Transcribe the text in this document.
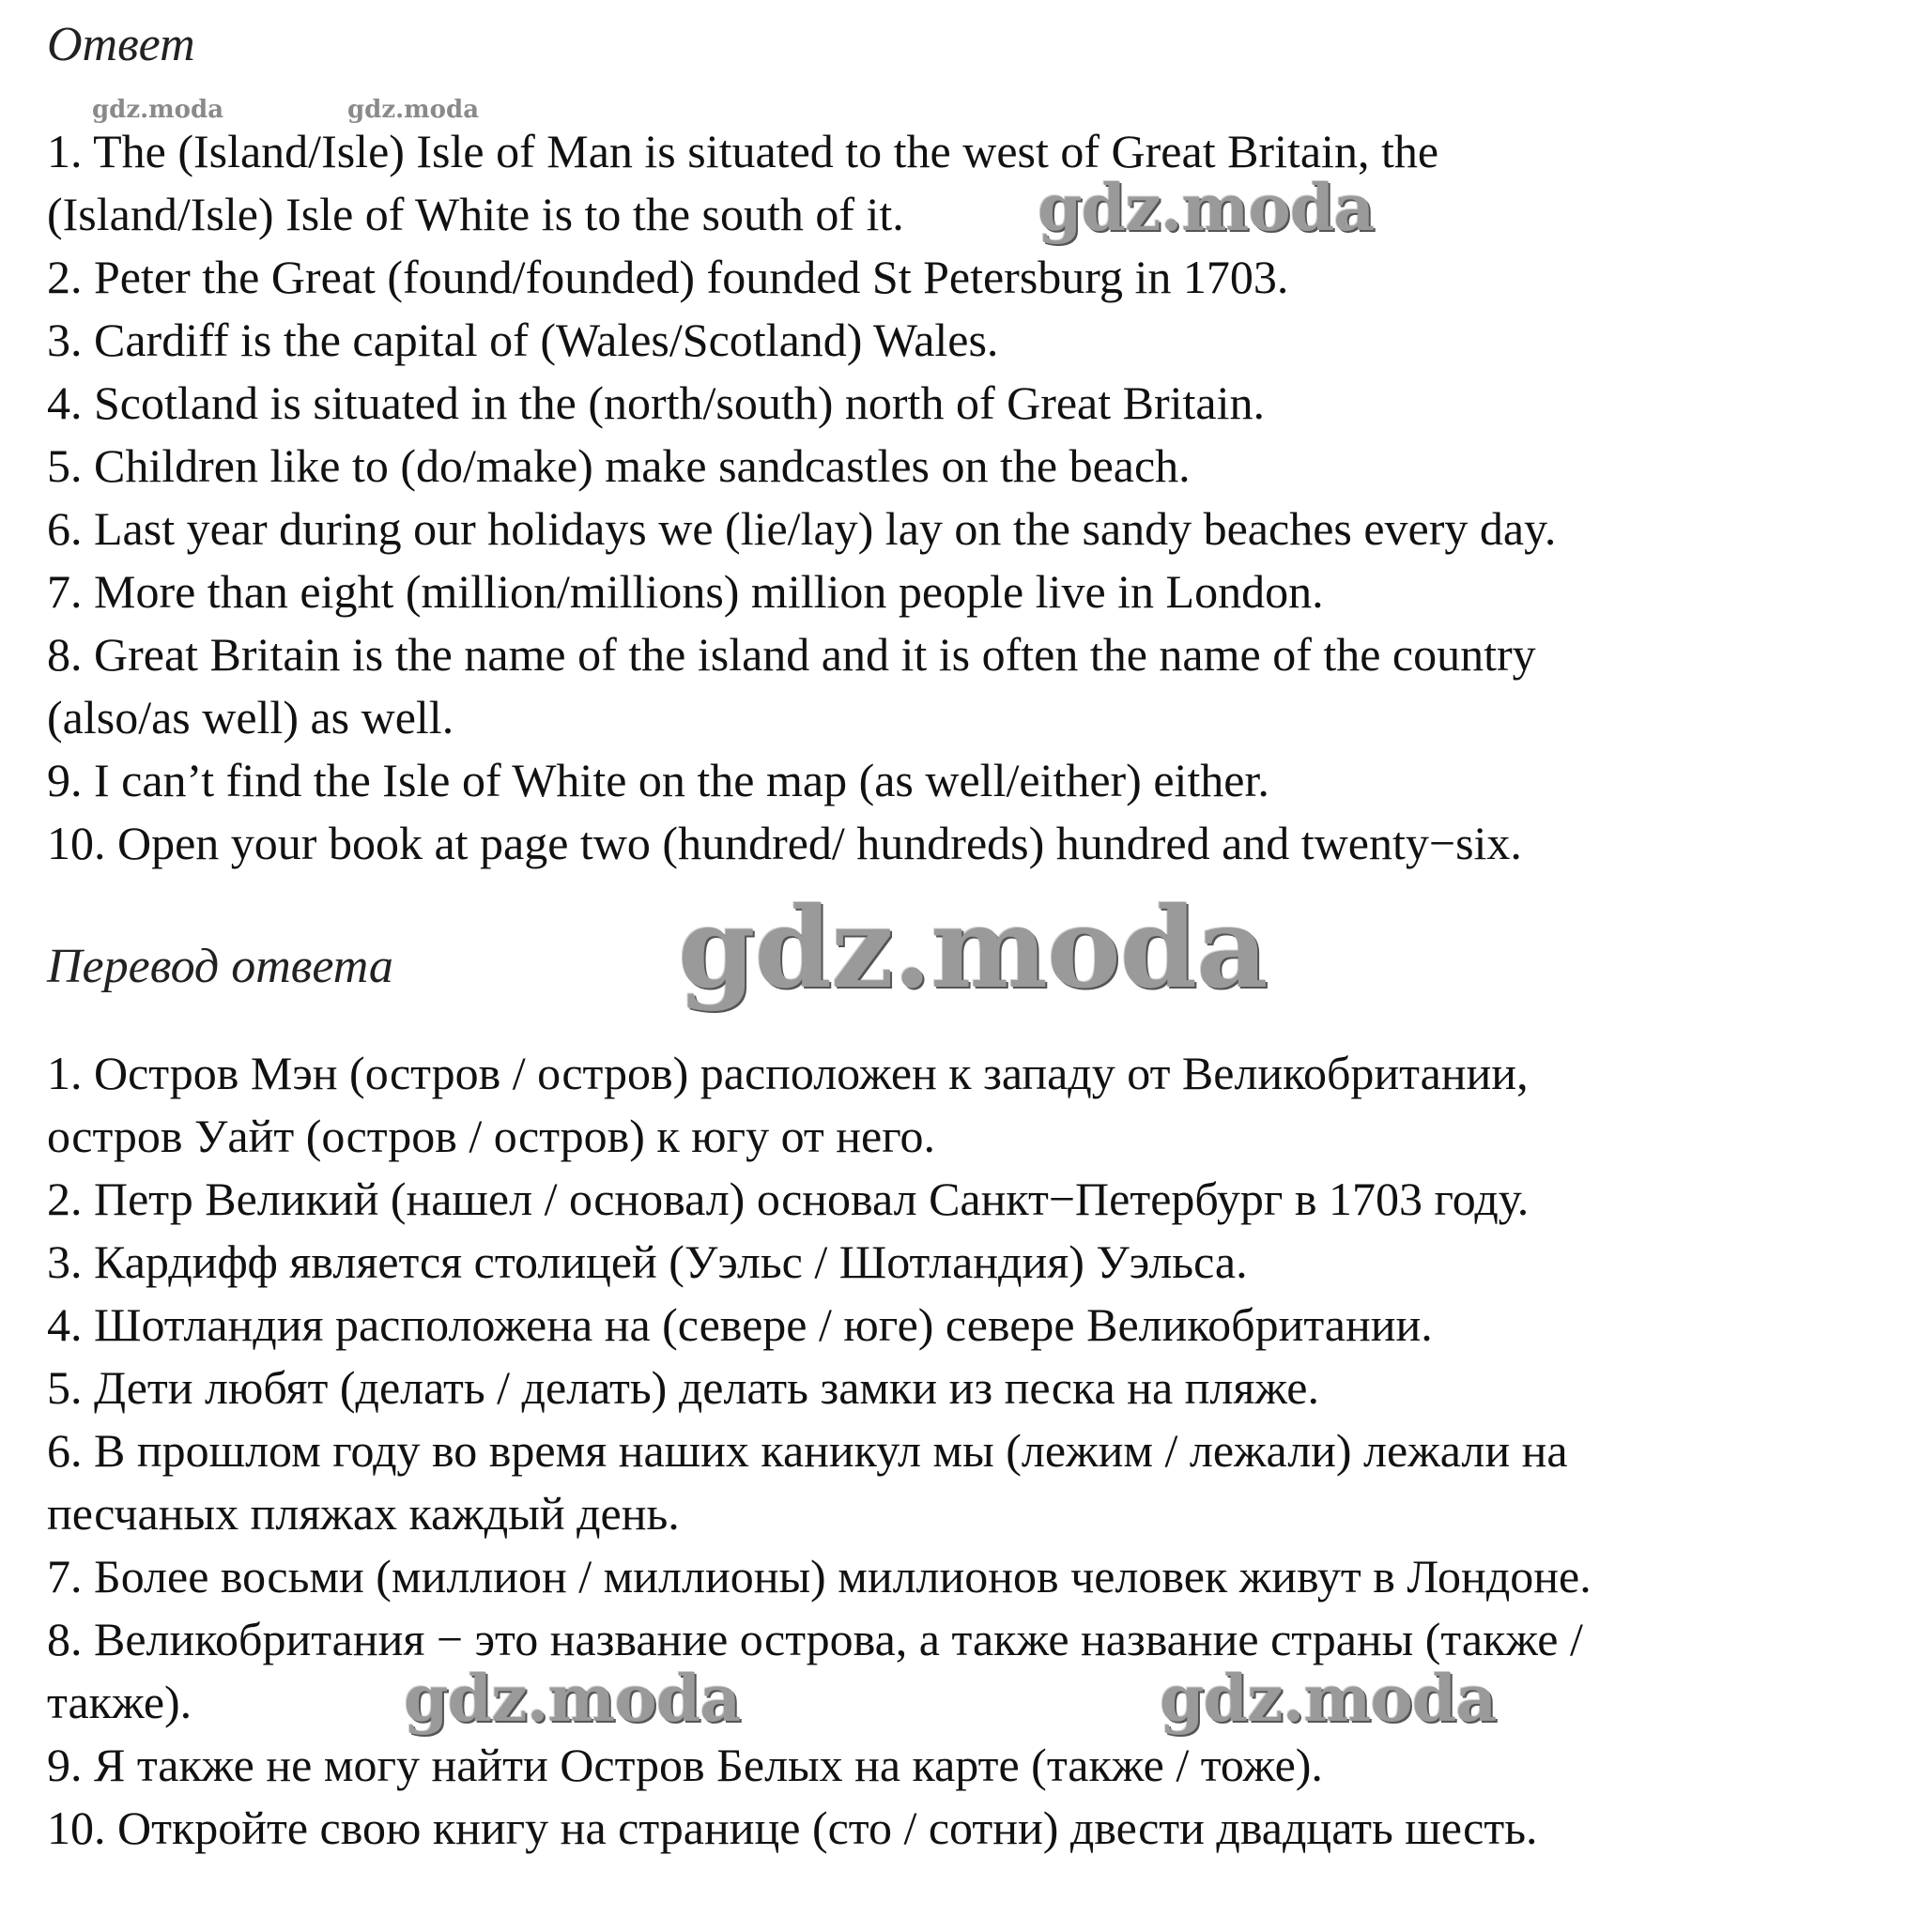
Ответ
gdz.moda	gdz.moda
1. The (Island/Isle) Isle of Man is situated to the west of Great Britain, the
(Island/Isle) Isle of White is to the south of it.
2. Peter the Great (found/founded) founded St Petersburg in 1703.
3. Cardiff is the capital of (Wales/Scotland) Wales.
4. Scotland is situated in the (north/south) north of Great Britain.
5. Children like to (do/make) make sandcastles on the beach.
6. Last year during our holidays we (lie/lay) lay on the sandy beaches every day.
7. More than eight (million/millions) million people live in London.
8. Great Britain is the name of the island and it is often the name of the country
(also/as well) as well.
9. I can’t find the Isle of White on the map (as well/either) either.
10. Open your book at page two (hundred/ hundreds) hundred and twenty−six.
gdz.moda
Перевод ответа	gdz.moda
1. Остров Мэн (остров / остров) расположен к западу от Великобритании,
остров Уайт (остров / остров) к югу от него.
2. Петр Великий (нашел / основал) основал Санкт−Петербург в 1703 году.
3. Кардифф является столицей (Уэльс / Шотландия) Уэльса.
4. Шотландия расположена на (севере / юге) севере Великобритании.
5. Дети любят (делать / делать) делать замки из песка на пляже.
6. В прошлом году во время наших каникул мы (лежим / лежали) лежали на
песчаных пляжах каждый день.
7. Более восьми (миллион / миллионы) миллионов человек живут в Лондоне.
8. Великобритания − это название острова, а также название страны (также /
также).
9. Я также не могу найти Остров Белых на карте (также / тоже).
10. Откройте свою книгу на странице (сто / сотни) двести двадцать шесть.
gdz.moda	gdz.moda
